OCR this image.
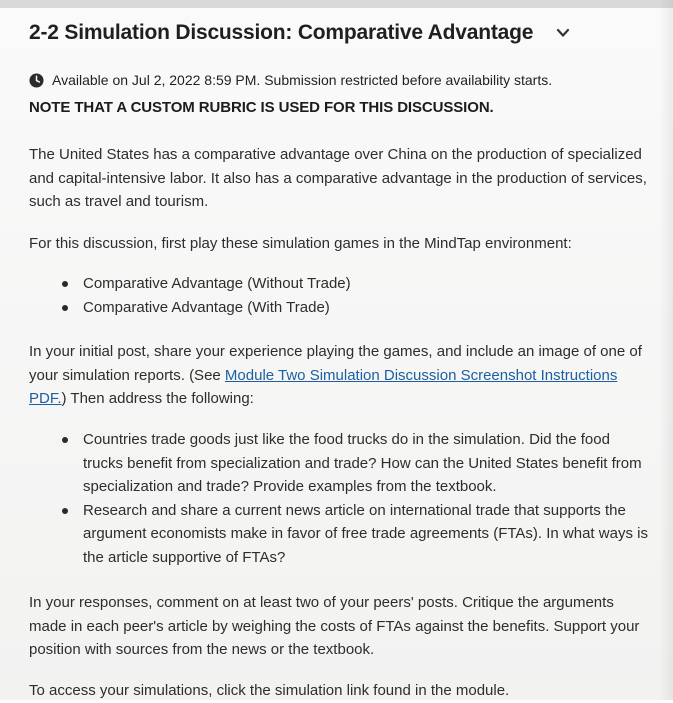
2-2 Simulation Discussion: Comparative Advantage
Available on Jul 2, 2022 8:59 PM. Submission restricted before availability starts.
NOTE THAT A CUSTOM RUBRIC IS USED FOR THIS DISCUSSION.
The United States has a comparative advantage over China on the production of specialized and capital-intensive labor. It also has a comparative advantage in the production of services, such as travel and tourism.
For this discussion, first play these simulation games in the MindTap environment:
Comparative Advantage (Without Trade)
Comparative Advantage (With Trade)
In your initial post, share your experience playing the games, and include an image of one of your simulation reports. (See Module Two Simulation Discussion Screenshot Instructions PDF.) Then address the following:
Countries trade goods just like the food trucks do in the simulation. Did the food trucks benefit from specialization and trade? How can the United States benefit from specialization and trade? Provide examples from the textbook.
Research and share a current news article on international trade that supports the argument economists make in favor of free trade agreements (FTAs). In what ways is the article supportive of FTAs?
In your responses, comment on at least two of your peers' posts. Critique the arguments made in each peer's article by weighing the costs of FTAs against the benefits. Support your position with sources from the news or the textbook.
To access your simulations, click the simulation link found in the module.
